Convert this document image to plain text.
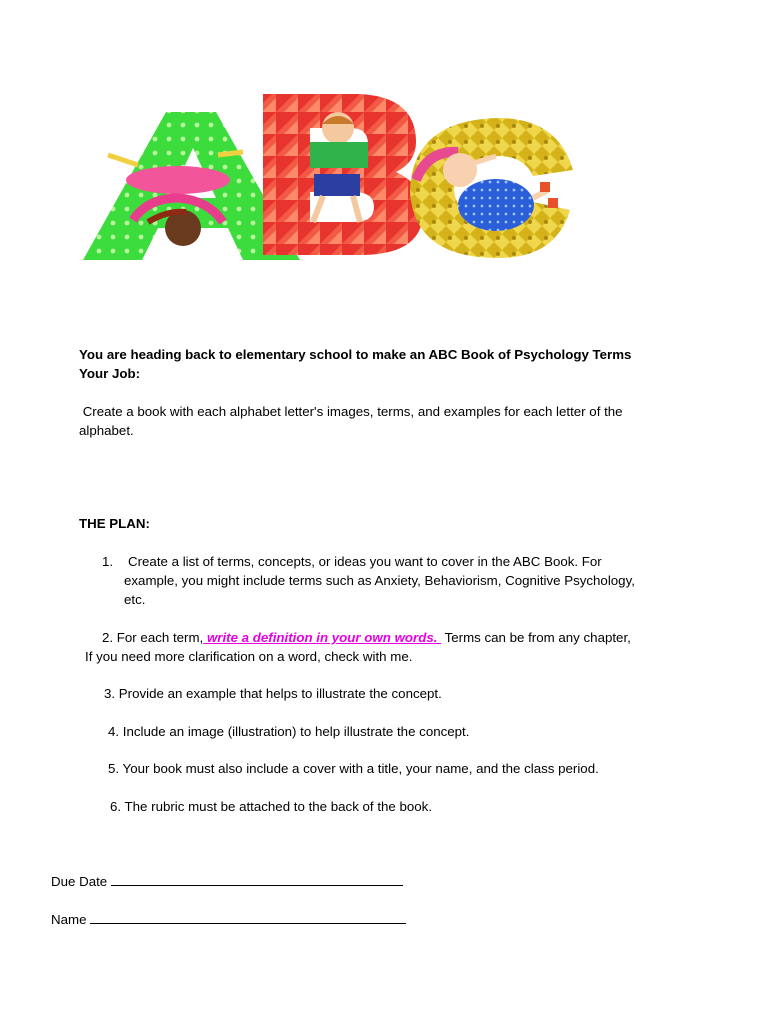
You are heading back to elementary school to make an ABC Book of Psychology Terms
Your Job:
Create a book with each alphabet letter's images, terms, and examples for each letter of the
alphabet.
THE PLAN:
1. Create a list of terms, concepts, or ideas you want to cover in the ABC Book. For
example, you might include terms such as Anxiety, Behaviorism, Cognitive Psychology,
etc.
2. For each term, write a definition in your own words.  Terms can be from any chapter,
If you need more clarification on a word, check with me.
3. Provide an example that helps to illustrate the concept.
4. Include an image (illustration) to help illustrate the concept.
5. Your book must also include a cover with a title, your name, and the class period.
6. The rubric must be attached to the back of the book.
Due Date
Name
